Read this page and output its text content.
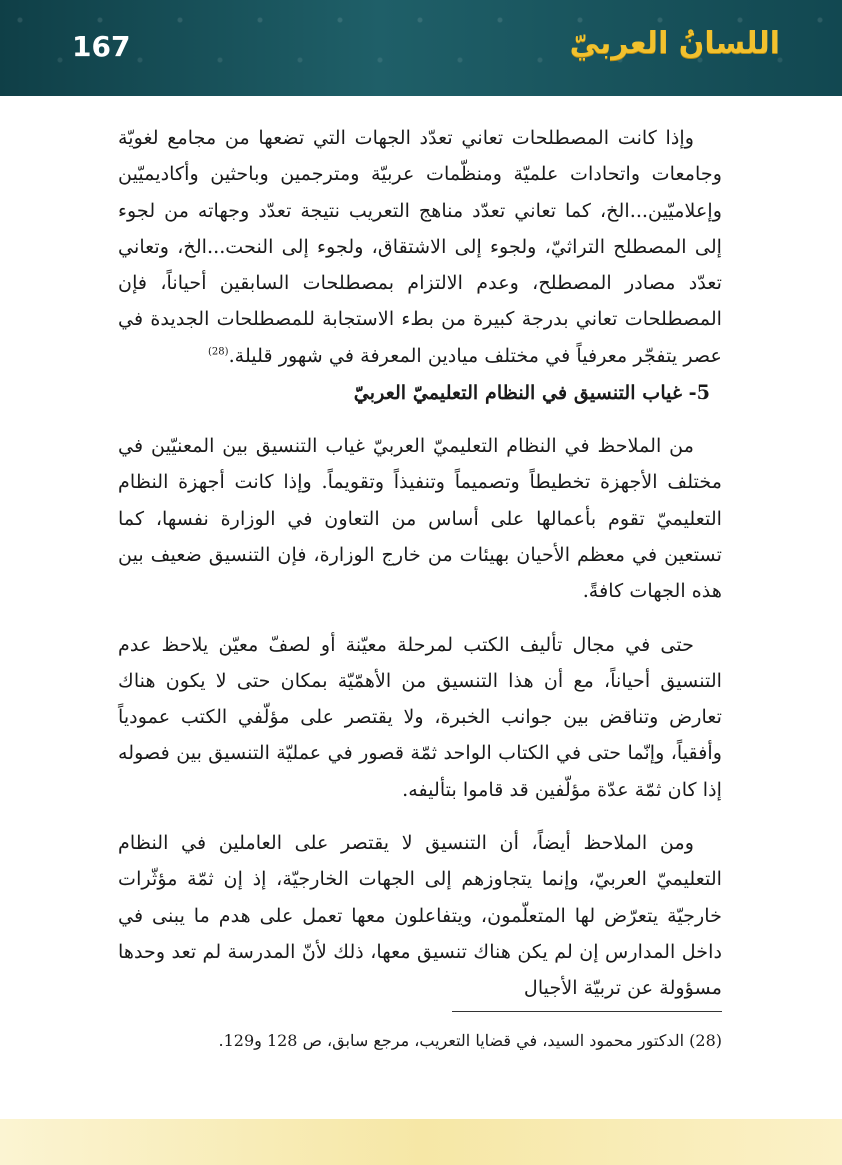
167	اللسانُ العربيّ

وإذا كانت المصطلحات تعاني تعدّد الجهات التي تضعها من مجامع لغويّة وجامعات واتحادات علميّة ومنظّمات عربيّة ومترجمين وباحثين وأكاديميّين وإعلاميّين...الخ، كما تعاني تعدّد مناهج التعريب نتيجة تعدّد وجهاته من لجوء إلى المصطلح التراثيّ، ولجوء إلى الاشتقاق، ولجوء إلى النحت...الخ، وتعاني تعدّد مصادر المصطلح، وعدم الالتزام بمصطلحات السابقين أحياناً، فإن المصطلحات تعاني بدرجة كبيرة من بطء الاستجابة للمصطلحات الجديدة في عصر يتفجّر معرفياً في مختلف ميادين المعرفة في شهور قليلة.$^{(28)}$

5- غياب التنسيق في النظام التعليميّ العربيّ

من الملاحظ في النظام التعليميّ العربيّ غياب التنسيق بين المعنيّين في مختلف الأجهزة تخطيطاً وتصميماً وتنفيذاً وتقويماً. وإذا كانت أجهزة النظام التعليميّ تقوم بأعمالها على أساس من التعاون في الوزارة نفسها، كما تستعين في معظم الأحيان بهيئات من خارج الوزارة، فإن التنسيق ضعيف بين هذه الجهات كافةً.

حتى في مجال تأليف الكتب لمرحلة معيّنة أو لصفّ معيّن يلاحظ عدم التنسيق أحياناً، مع أن هذا التنسيق من الأهمّيّة بمكان حتى لا يكون هناك تعارض وتناقض بين جوانب الخبرة، ولا يقتصر على مؤلّفي الكتب عمودياً وأفقياً، وإنّما حتى في الكتاب الواحد ثمّة قصور في عمليّة التنسيق بين فصوله إذا كان ثمّة عدّة مؤلّفين قد قاموا بتأليفه.

ومن الملاحظ أيضاً، أن التنسيق لا يقتصر على العاملين في النظام التعليميّ العربيّ، وإنما يتجاوزهم إلى الجهات الخارجيّة، إذ إن ثمّة مؤثّرات خارجيّة يتعرّض لها المتعلّمون، ويتفاعلون معها تعمل على هدم ما يبنى في داخل المدارس إن لم يكن هناك تنسيق معها، ذلك لأنّ المدرسة لم تعد وحدها مسؤولة عن تربيّة الأجيال

(28) الدكتور محمود السيد، في قضايا التعريب، مرجع سابق، ص 128 و129.
